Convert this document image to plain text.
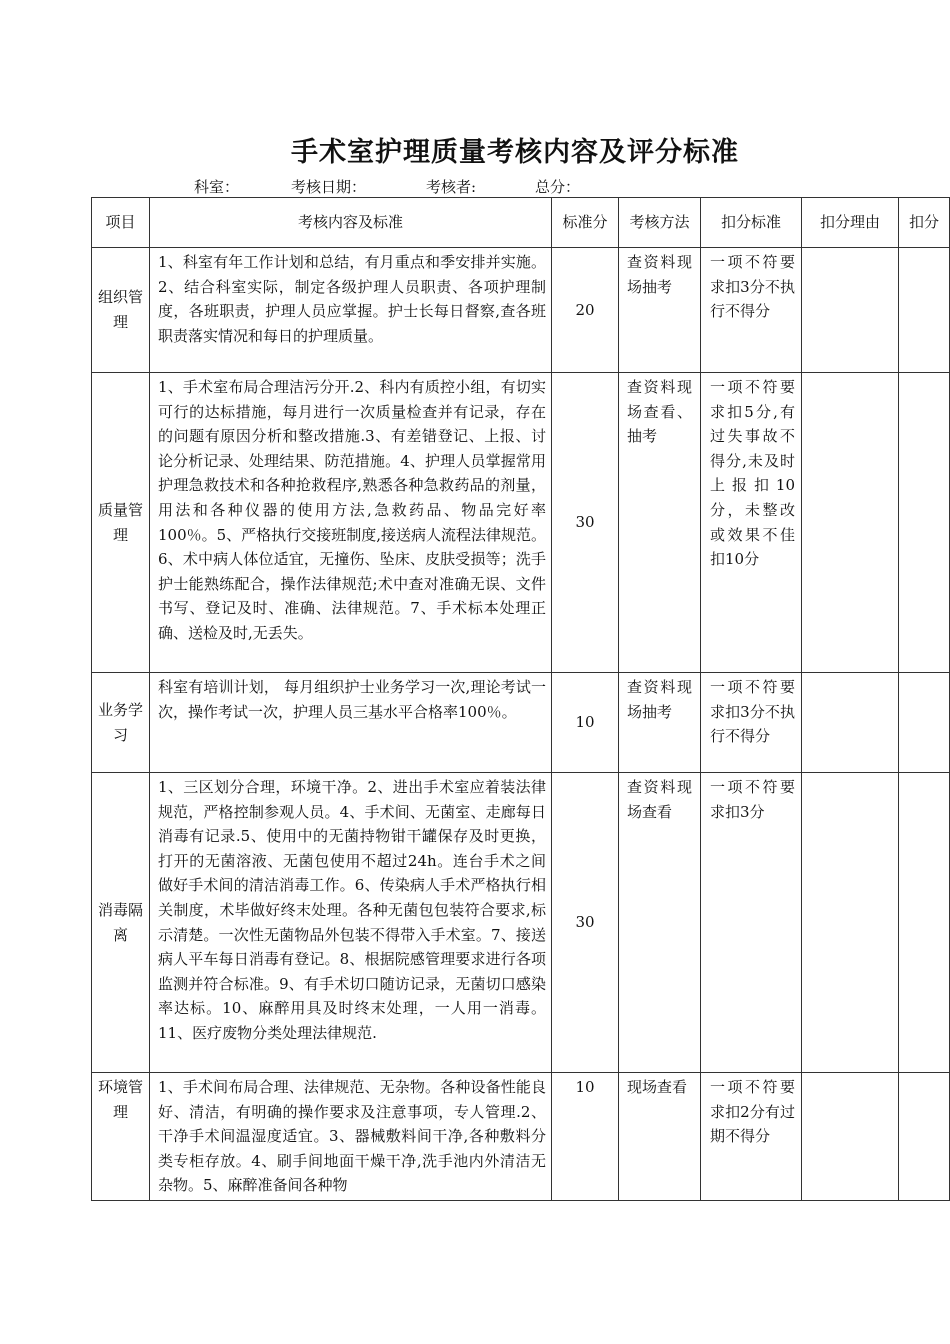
手术室护理质量考核内容及评分标准
科室：	考核日期：	考核者:	总分：
项目	考核内容及标准	标准分	考核方法	扣分标准	扣分理由	扣分
组织管理	1、科室有年工作计划和总结，有月重点和季安排并实施。2、结合科室实际，制定各级护理人员职责、各项护理制度，各班职责，护理人员应掌握。护士长每日督察,查各班职责落实情况和每日的护理质量。	20	查资料现场抽考	一项不符要求扣3分不执行不得分		
质量管理	1、手术室布局合理洁污分开.2、科内有质控小组，有切实可行的达标措施，每月进行一次质量检查并有记录，存在的问题有原因分析和整改措施.3、有差错登记、上报、讨论分析记录、处理结果、防范措施。4、护理人员掌握常用护理急救技术和各种抢救程序,熟悉各种急救药品的剂量，用法和各种仪器的使用方法,急救药品、物品完好率100％。5、严格执行交接班制度,接送病人流程法律规范。6、术中病人体位适宜，无撞伤、坠床、皮肤受损等；洗手护士能熟练配合，操作法律规范;术中查对准确无误、文件书写、登记及时、准确、法律规范。7、手术标本处理正确、送检及时,无丢失。	30	查资料现场查看、抽考	一项不符要求扣5分,有过失事故不得分,未及时上报扣10分，未整改或效果不佳扣10分		
业务学习	科室有培训计划， 每月组织护士业务学习一次,理论考试一次，操作考试一次，护理人员三基水平合格率100％。	10	查资料现场抽考	一项不符要求扣3分不执行不得分		
消毒隔离	1、三区划分合理，环境干净。2、进出手术室应着装法律规范，严格控制参观人员。4、手术间、无菌室、走廊每日消毒有记录.5、使用中的无菌持物钳干罐保存及时更换，打开的无菌溶液、无菌包使用不超过24h。连台手术之间做好手术间的清洁消毒工作。6、传染病人手术严格执行相关制度，术毕做好终末处理。各种无菌包包装符合要求,标示清楚。一次性无菌物品外包装不得带入手术室。7、接送病人平车每日消毒有登记。8、根据院感管理要求进行各项监测并符合标准。9、有手术切口随访记录，无菌切口感染率达标。10、麻醉用具及时终末处理，一人用一消毒。11、医疗废物分类处理法律规范.	30	查资料现场查看	一项不符要求扣3分		
环境管理	1、手术间布局合理、法律规范、无杂物。各种设备性能良好、清洁，有明确的操作要求及注意事项，专人管理.2、干净手术间温湿度适宜。3、器械敷料间干净,各种敷料分类专柜存放。4、刷手间地面干燥干净,洗手池内外清洁无杂物。5、麻醉准备间各种物	10	现场查看	一项不符要求扣2分有过期不得分		
